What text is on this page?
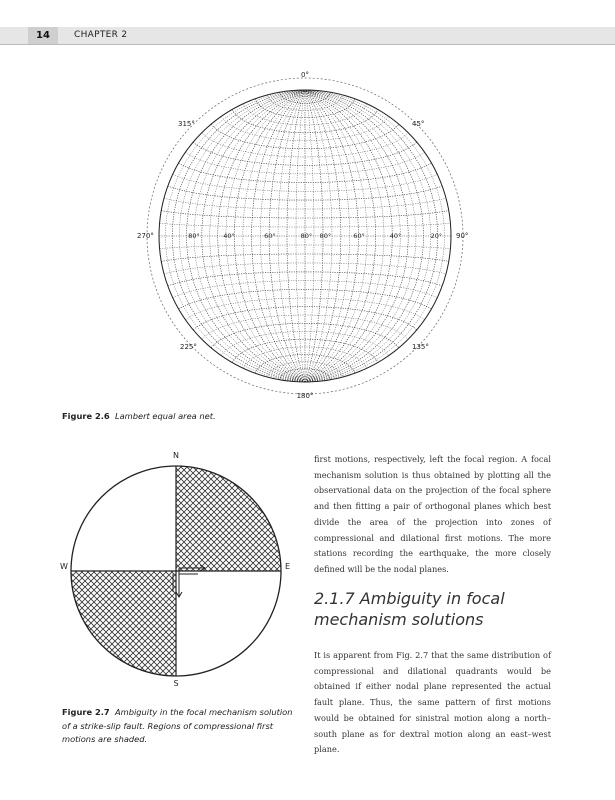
14	CHAPTER 2
0°
180°
270°	90°
45°
315°
135°
225°
80°	40°	60°	80° 80°	60°	40°	20°
Figure 2.6 Lambert equal area net.
N
S
W	E
Figure 2.7 Ambiguity in the focal mechanism solution of a strike-slip fault. Regions of compressional first motions are shaded.
first motions, respectively, left the focal region. A focal mechanism solution is thus obtained by plotting all the observational data on the projection of the focal sphere and then fitting a pair of orthogonal planes which best divide the area of the projection into zones of compressional and dilational first motions. The more stations recording the earthquake, the more closely defined will be the nodal planes.
2.1.7 Ambiguity in focal mechanism solutions
It is apparent from Fig. 2.7 that the same distribution of compressional and dilational quadrants would be obtained if either nodal plane represented the actual fault plane. Thus, the same pattern of first motions would be obtained for sinistral motion along a north–south plane as for dextral motion along an east–west plane.
